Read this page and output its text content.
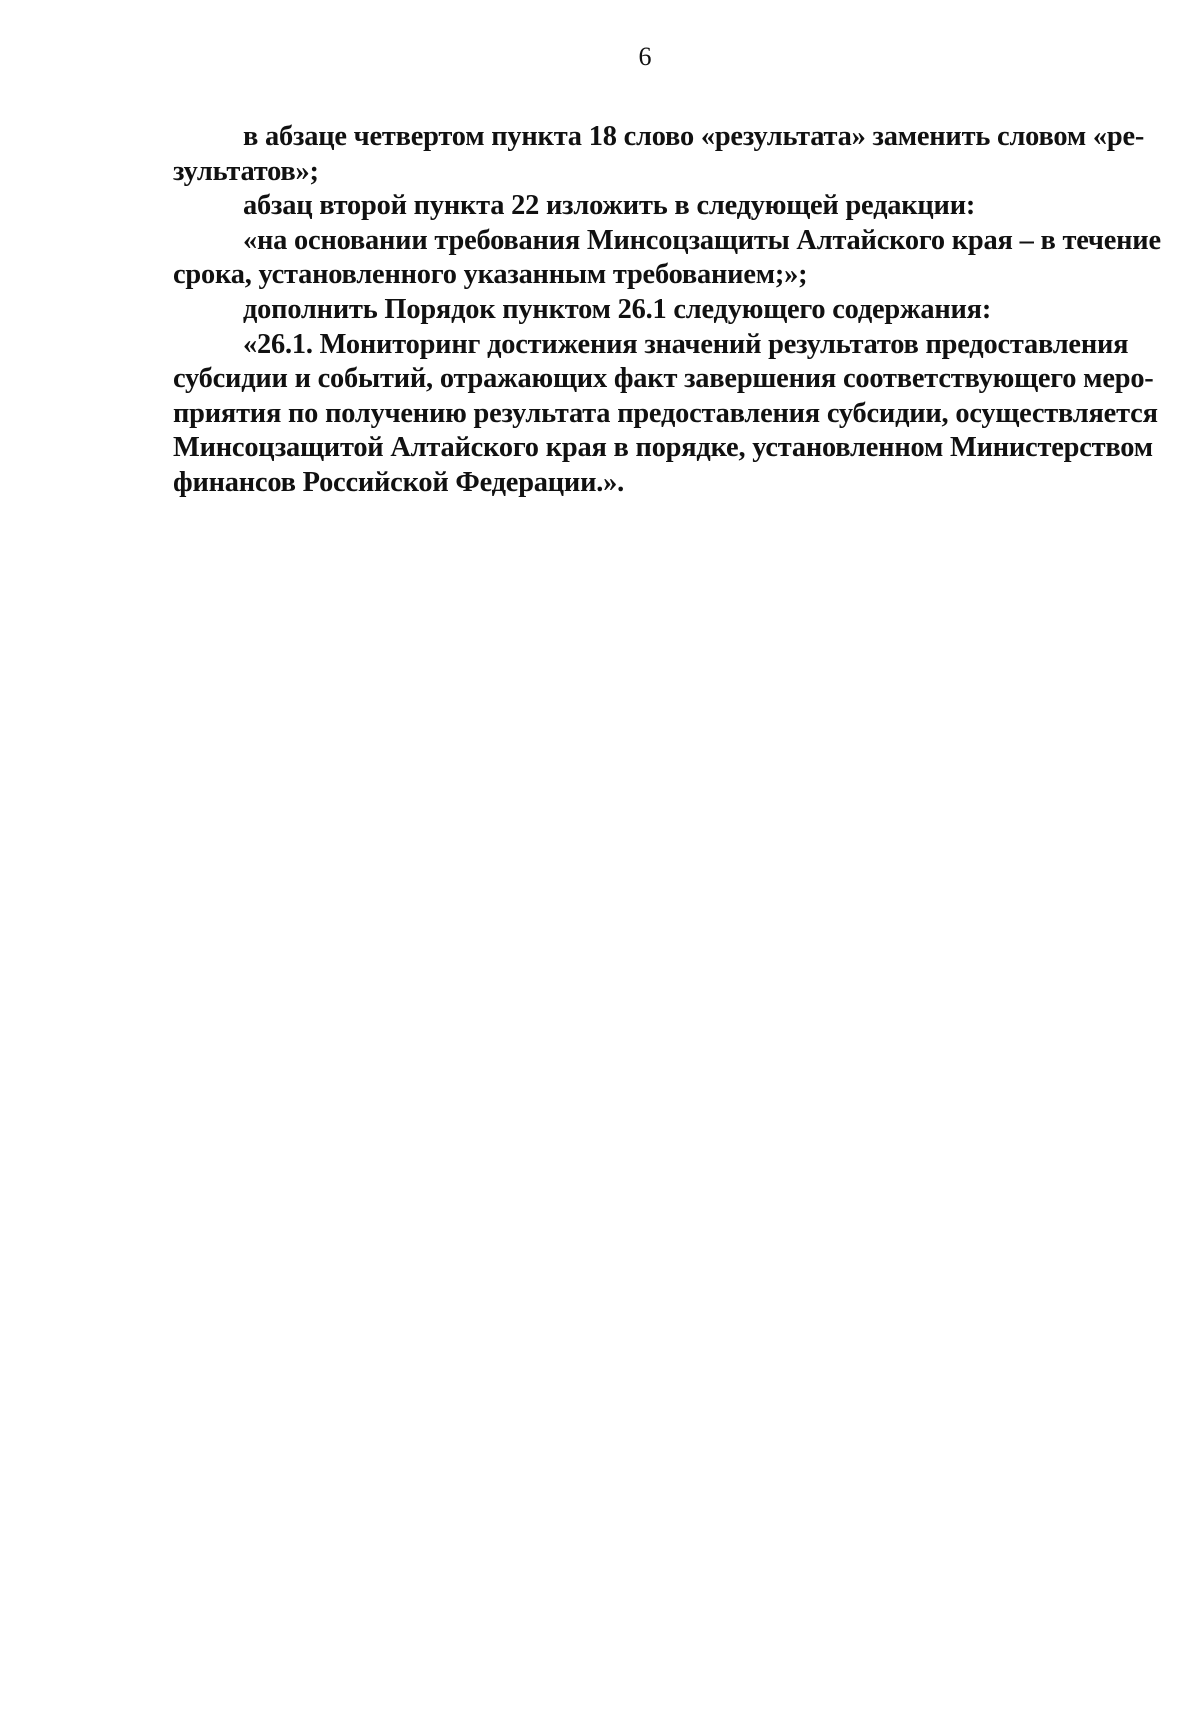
6
в абзаце четвертом пункта 18 слово «результата» заменить словом «ре-
зультатов»;
абзац второй пункта 22 изложить в следующей редакции:
«на основании требования Минсоцзащиты Алтайского края – в течение
срока, установленного указанным требованием;»;
дополнить Порядок пунктом 26.1 следующего содержания:
«26.1. Мониторинг достижения значений результатов предоставления
субсидии и событий, отражающих факт завершения соответствующего меро-
приятия по получению результата предоставления субсидии, осуществляется
Минсоцзащитой Алтайского края в порядке, установленном Министерством
финансов Российской Федерации.».
